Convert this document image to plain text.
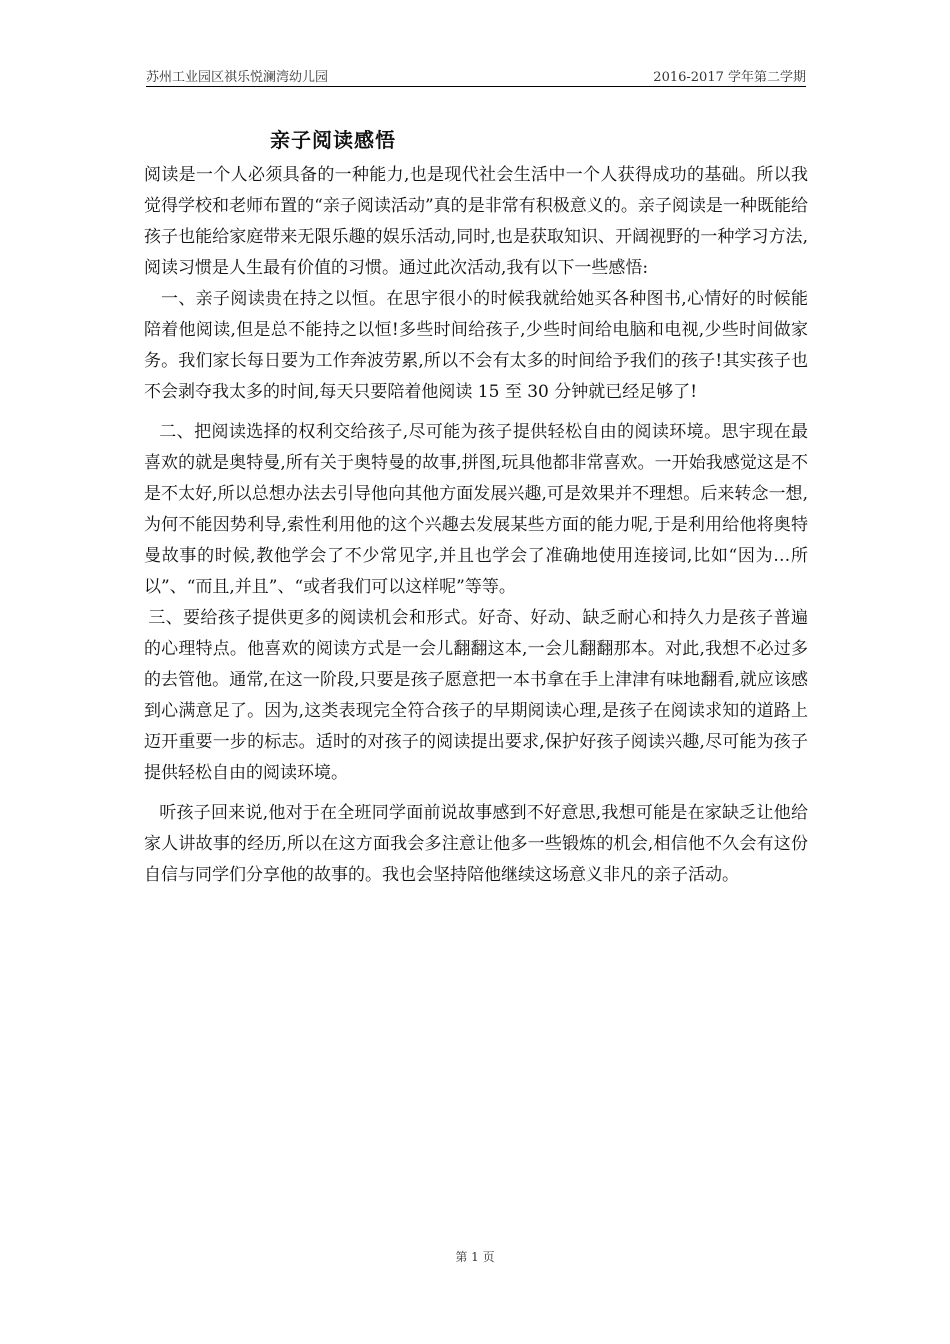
苏州工业园区祺乐悦澜湾幼儿园	2016-2017 学年第二学期
亲子阅读感悟

阅读是一个人必须具备的一种能力,也是现代社会生活中一个人获得成功的基础。所以我觉得学校和老师布置的“亲子阅读活动”真的是非常有积极意义的。亲子阅读是一种既能给孩子也能给家庭带来无限乐趣的娱乐活动,同时,也是获取知识、开阔视野的一种学习方法,阅读习惯是人生最有价值的习惯。通过此次活动,我有以下一些感悟:

一、亲子阅读贵在持之以恒。在思宇很小的时候我就给她买各种图书,心情好的时候能陪着他阅读,但是总不能持之以恒!多些时间给孩子,少些时间给电脑和电视,少些时间做家务。我们家长每日要为工作奔波劳累,所以不会有太多的时间给予我们的孩子!其实孩子也不会剥夺我太多的时间,每天只要陪着他阅读 15 至 30 分钟就已经足够了!

二、把阅读选择的权利交给孩子,尽可能为孩子提供轻松自由的阅读环境。思宇现在最喜欢的就是奥特曼,所有关于奥特曼的故事,拼图,玩具他都非常喜欢。一开始我感觉这是不是不太好,所以总想办法去引导他向其他方面发展兴趣,可是效果并不理想。后来转念一想,为何不能因势利导,索性利用他的这个兴趣去发展某些方面的能力呢,于是利用给他将奥特曼故事的时候,教他学会了不少常见字,并且也学会了准确地使用连接词,比如“因为…所以”、“而且,并且”、“或者我们可以这样呢”等等。

三、要给孩子提供更多的阅读机会和形式。好奇、好动、缺乏耐心和持久力是孩子普遍的心理特点。他喜欢的阅读方式是一会儿翻翻这本,一会儿翻翻那本。对此,我想不必过多的去管他。通常,在这一阶段,只要是孩子愿意把一本书拿在手上津津有味地翻看,就应该感到心满意足了。因为,这类表现完全符合孩子的早期阅读心理,是孩子在阅读求知的道路上迈开重要一步的标志。适时的对孩子的阅读提出要求,保护好孩子阅读兴趣,尽可能为孩子提供轻松自由的阅读环境。

听孩子回来说,他对于在全班同学面前说故事感到不好意思,我想可能是在家缺乏让他给家人讲故事的经历,所以在这方面我会多注意让他多一些锻炼的机会,相信他不久会有这份自信与同学们分享他的故事的。我也会坚持陪他继续这场意义非凡的亲子活动。

第 1 页
